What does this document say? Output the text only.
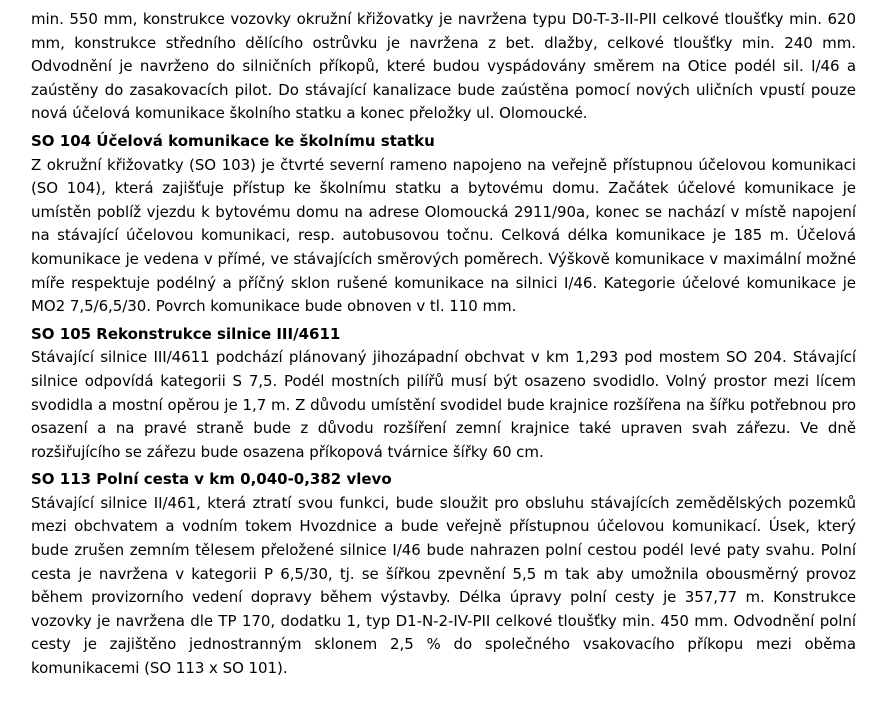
min. 550 mm, konstrukce vozovky okružní křižovatky je navržena typu D0-T-3-II-PII celkové tloušťky min. 620 mm, konstrukce středního dělícího ostrůvku je navržena z bet. dlažby, celkové tloušťky min. 240 mm. Odvodnění je navrženo do silničních příkopů, které budou vyspádovány směrem na Otice podél sil. I/46 a zaústěny do zasakovacích pilot. Do stávající kanalizace bude zaústěna pomocí nových uličních vpustí pouze nová účelová komunikace školního statku a konec přeložky ul. Olomoucké.

SO 104 Účelová komunikace ke školnímu statku

Z okružní křižovatky (SO 103) je čtvrté severní rameno napojeno na veřejně přístupnou účelovou komunikaci (SO 104), která zajišťuje přístup ke školnímu statku a bytovému domu. Začátek účelové komunikace je umístěn poblíž vjezdu k bytovému domu na adrese Olomoucká 2911/90a, konec se nachází v místě napojení na stávající účelovou komunikaci, resp. autobusovou točnu. Celková délka komunikace je 185 m. Účelová komunikace je vedena v přímé, ve stávajících směrových poměrech. Výškově komunikace v maximální možné míře respektuje podélný a příčný sklon rušené komunikace na silnici I/46. Kategorie účelové komunikace je MO2 7,5/6,5/30. Povrch komunikace bude obnoven v tl. 110 mm.

SO 105 Rekonstrukce silnice III/4611

Stávající silnice III/4611 podchází plánovaný jihozápadní obchvat v km 1,293 pod mostem SO 204. Stávající silnice odpovídá kategorii S 7,5. Podél mostních pilířů musí být osazeno svodidlo. Volný prostor mezi lícem svodidla a mostní opěrou je 1,7 m. Z důvodu umístění svodidel bude krajnice rozšířena na šířku potřebnou pro osazení a na pravé straně bude z důvodu rozšíření zemní krajnice také upraven svah zářezu. Ve dně rozšiřujícího se zářezu bude osazena příkopová tvárnice šířky 60 cm.

SO 113 Polní cesta v km 0,040-0,382 vlevo

Stávající silnice II/461, která ztratí svou funkci, bude sloužit pro obsluhu stávajících zemědělských pozemků mezi obchvatem a vodním tokem Hvozdnice a bude veřejně přístupnou účelovou komunikací. Úsek, který bude zrušen zemním tělesem přeložené silnice I/46 bude nahrazen polní cestou podél levé paty svahu. Polní cesta je navržena v kategorii P 6,5/30, tj. se šířkou zpevnění 5,5 m tak aby umožnila obousměrný provoz během provizorního vedení dopravy během výstavby. Délka úpravy polní cesty je 357,77 m. Konstrukce vozovky je navržena dle TP 170, dodatku 1, typ D1-N-2-IV-PII celkové tloušťky min. 450 mm. Odvodnění polní cesty je zajištěno jednostranným sklonem 2,5 % do společného vsakovacího příkopu mezi oběma komunikacemi (SO 113 x SO 101).
